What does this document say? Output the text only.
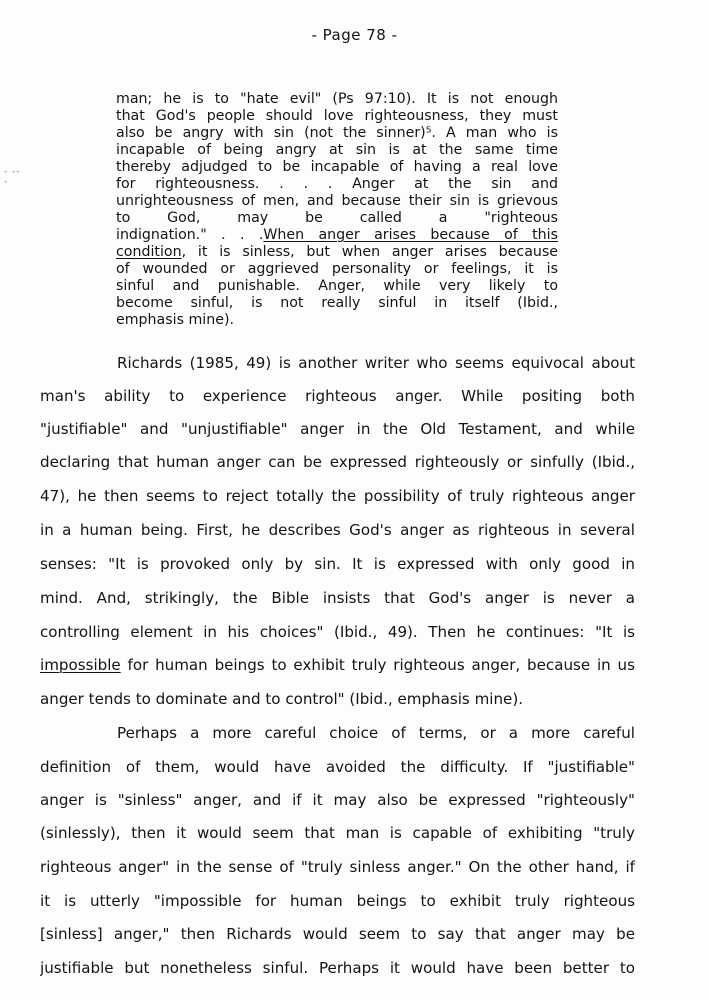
- Page 78 -
- -- -
man; he is to "hate evil" (Ps 97:10). It is not enough
that God's people should love righteousness, they must
also be angry with sin (not the sinner)⁵. A man who is
incapable of being angry at sin is at the same time
thereby adjudged to be incapable of having a real love
for righteousness. . . . Anger at the sin and
unrighteousness of men, and because their sin is grievous
to God, may be called a "righteous
indignation." . . .When anger arises because of this
condition, it is sinless, but when anger arises because
of wounded or aggrieved personality or feelings, it is
sinful and punishable. Anger, while very likely to
become sinful, is not really sinful in itself (Ibid.,
emphasis mine).
Richards (1985, 49) is another writer who seems equivocal about
man's ability to experience righteous anger. While positing both
"justifiable" and "unjustifiable" anger in the Old Testament, and while
declaring that human anger can be expressed righteously or sinfully (Ibid.,
47), he then seems to reject totally the possibility of truly righteous anger
in a human being. First, he describes God's anger as righteous in several
senses: "It is provoked only by sin. It is expressed with only good in
mind. And, strikingly, the Bible insists that God's anger is never a
controlling element in his choices" (Ibid., 49). Then he continues: "It is
impossible for human beings to exhibit truly righteous anger, because in us
anger tends to dominate and to control" (Ibid., emphasis mine).
Perhaps a more careful choice of terms, or a more careful
definition of them, would have avoided the difficulty. If "justifiable"
anger is "sinless" anger, and if it may also be expressed "righteously"
(sinlessly), then it would seem that man is capable of exhibiting "truly
righteous anger" in the sense of "truly sinless anger." On the other hand, if
it is utterly "impossible for human beings to exhibit truly righteous
[sinless] anger," then Richards would seem to say that anger may be
justifiable but nonetheless sinful. Perhaps it would have been better to
